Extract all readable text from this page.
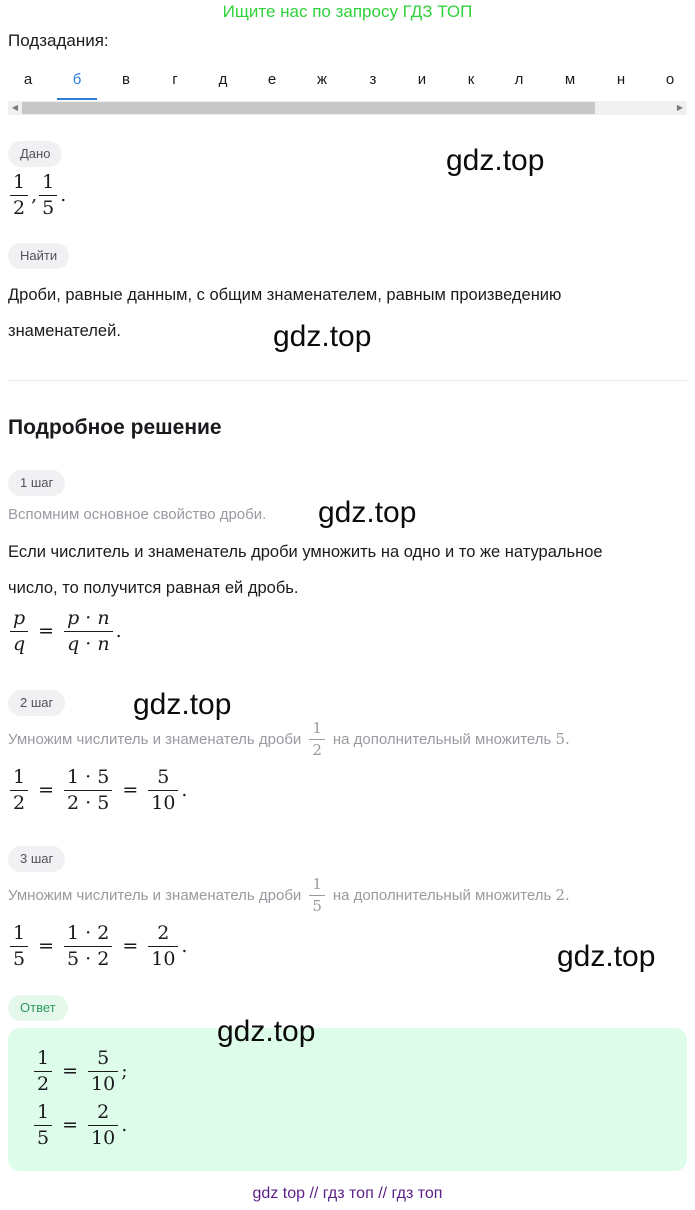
Ищите нас по запросу ГДЗ ТОП
Подзадания:
а	б	в	г	д	е	ж	з	и	к	л	м	н	о
◀	▶
Дано
$\frac{1}{2}$ , $\frac{1}{5}$ .
Найти
Дроби, равные данным, с общим знаменателем, равным произведению
знаменателей.
Подробное решение
1 шаг
Вспомним основное свойство дроби.
Если числитель и знаменатель дроби умножить на одно и то же натуральное
число, то получится равная ей дробь.
$\frac{p}{q} = \frac{p \cdot n}{q \cdot n}$ .
2 шаг
Умножим числитель и знаменатель дроби $\frac{1}{2}$ на дополнительный множитель
5.
$\frac{1}{2} = \frac{1 \cdot 5}{2 \cdot 5} = \frac{5}{10}$ .
3 шаг
Умножим числитель и знаменатель дроби $\frac{1}{5}$ на дополнительный множитель
2.
$\frac{1}{5} = \frac{1 \cdot 2}{5 \cdot 2} = \frac{2}{10}$ .
Ответ
$\frac{1}{2} = \frac{5}{10}$ ;
$\frac{1}{5} = \frac{2}{10}$ .
gdz.top
gdz.top
gdz.top
gdz.top
gdz.top
gdz.top
gdz top // гдз топ // гдз топ
